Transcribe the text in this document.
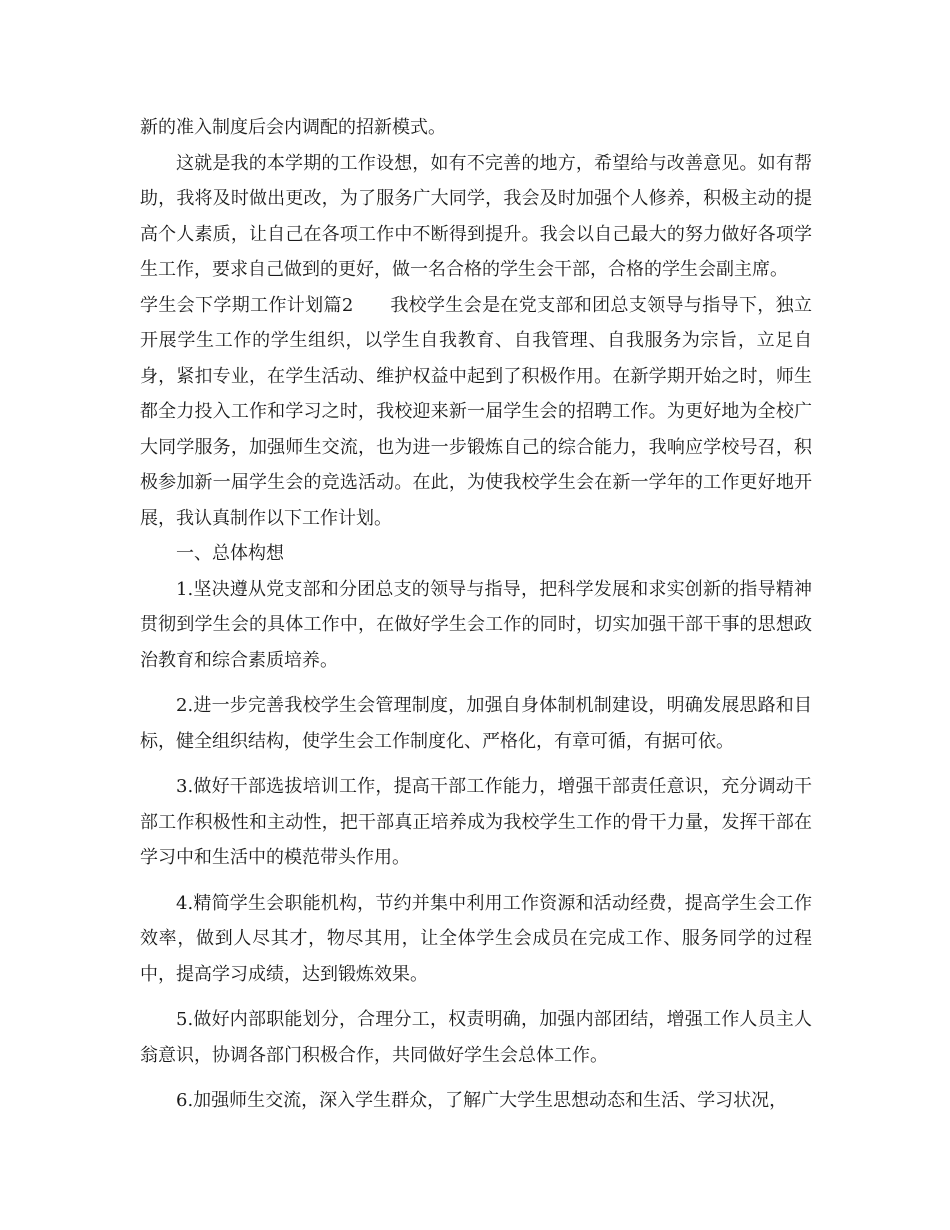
新的准入制度后会内调配的招新模式。

这就是我的本学期的工作设想，如有不完善的地方，希望给与改善意见。如有帮助，我将及时做出更改，为了服务广大同学，我会及时加强个人修养，积极主动的提高个人素质，让自己在各项工作中不断得到提升。我会以自己最大的努力做好各项学生工作，要求自己做到的更好，做一名合格的学生会干部，合格的学生会副主席。

学生会下学期工作计划篇2　　我校学生会是在党支部和团总支领导与指导下，独立开展学生工作的学生组织，以学生自我教育、自我管理、自我服务为宗旨，立足自身，紧扣专业，在学生活动、维护权益中起到了积极作用。在新学期开始之时，师生都全力投入工作和学习之时，我校迎来新一届学生会的招聘工作。为更好地为全校广大同学服务，加强师生交流，也为进一步锻炼自己的综合能力，我响应学校号召，积极参加新一届学生会的竞选活动。在此，为使我校学生会在新一学年的工作更好地开展，我认真制作以下工作计划。

一、总体构想

1.坚决遵从党支部和分团总支的领导与指导，把科学发展和求实创新的指导精神贯彻到学生会的具体工作中，在做好学生会工作的同时，切实加强干部干事的思想政治教育和综合素质培养。

2.进一步完善我校学生会管理制度，加强自身体制机制建设，明确发展思路和目标，健全组织结构，使学生会工作制度化、严格化，有章可循，有据可依。

3.做好干部选拔培训工作，提高干部工作能力，增强干部责任意识，充分调动干部工作积极性和主动性，把干部真正培养成为我校学生工作的骨干力量，发挥干部在学习中和生活中的模范带头作用。

4.精简学生会职能机构，节约并集中利用工作资源和活动经费，提高学生会工作效率，做到人尽其才，物尽其用，让全体学生会成员在完成工作、服务同学的过程中，提高学习成绩，达到锻炼效果。

5.做好内部职能划分，合理分工，权责明确，加强内部团结，增强工作人员主人翁意识，协调各部门积极合作，共同做好学生会总体工作。

6.加强师生交流，深入学生群众，了解广大学生思想动态和生活、学习状况，
